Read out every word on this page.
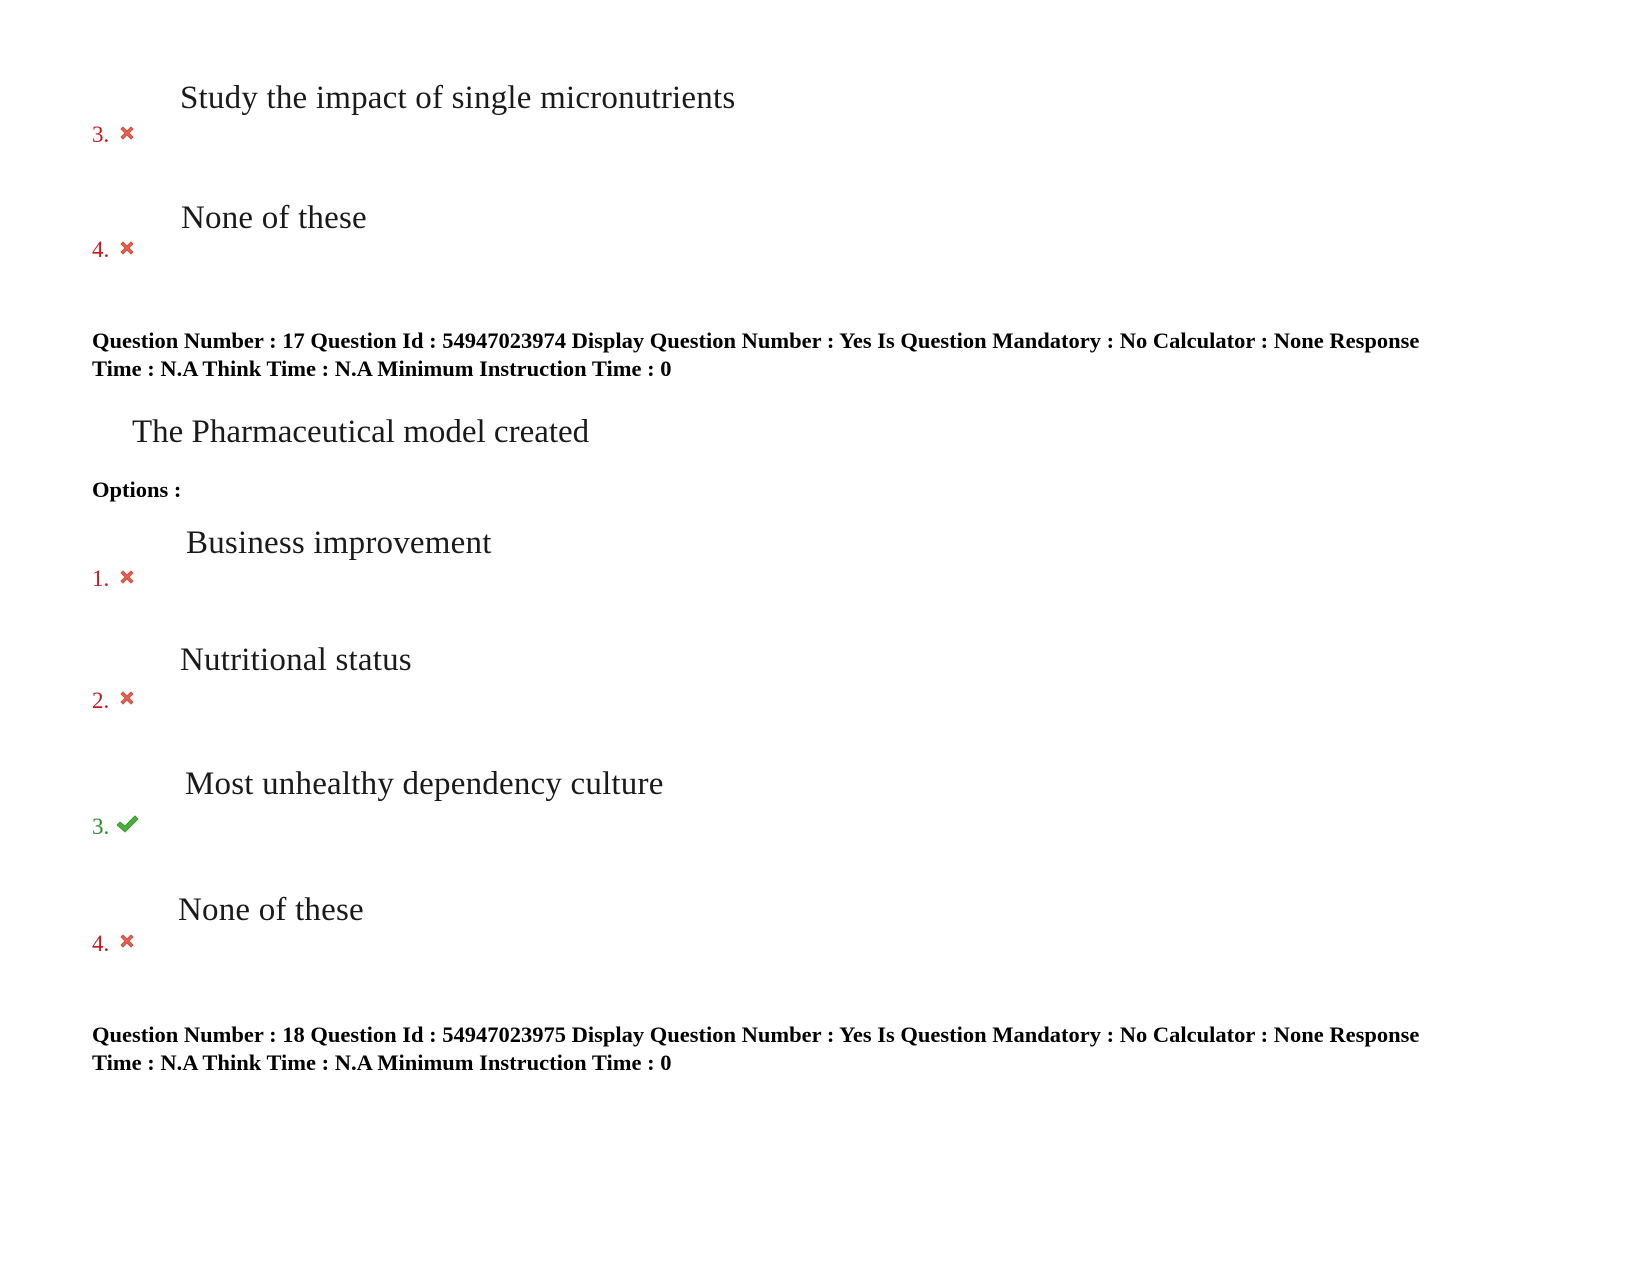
Study the impact of single micronutrients
3.
None of these
4.
Question Number : 17 Question Id : 54947023974 Display Question Number : Yes Is Question Mandatory : No Calculator : None Response
Time : N.A Think Time : N.A Minimum Instruction Time : 0
The Pharmaceutical model created
Options :
Business improvement
1.
Nutritional status
2.
Most unhealthy dependency culture
3.
None of these
4.
Question Number : 18 Question Id : 54947023975 Display Question Number : Yes Is Question Mandatory : No Calculator : None Response
Time : N.A Think Time : N.A Minimum Instruction Time : 0
